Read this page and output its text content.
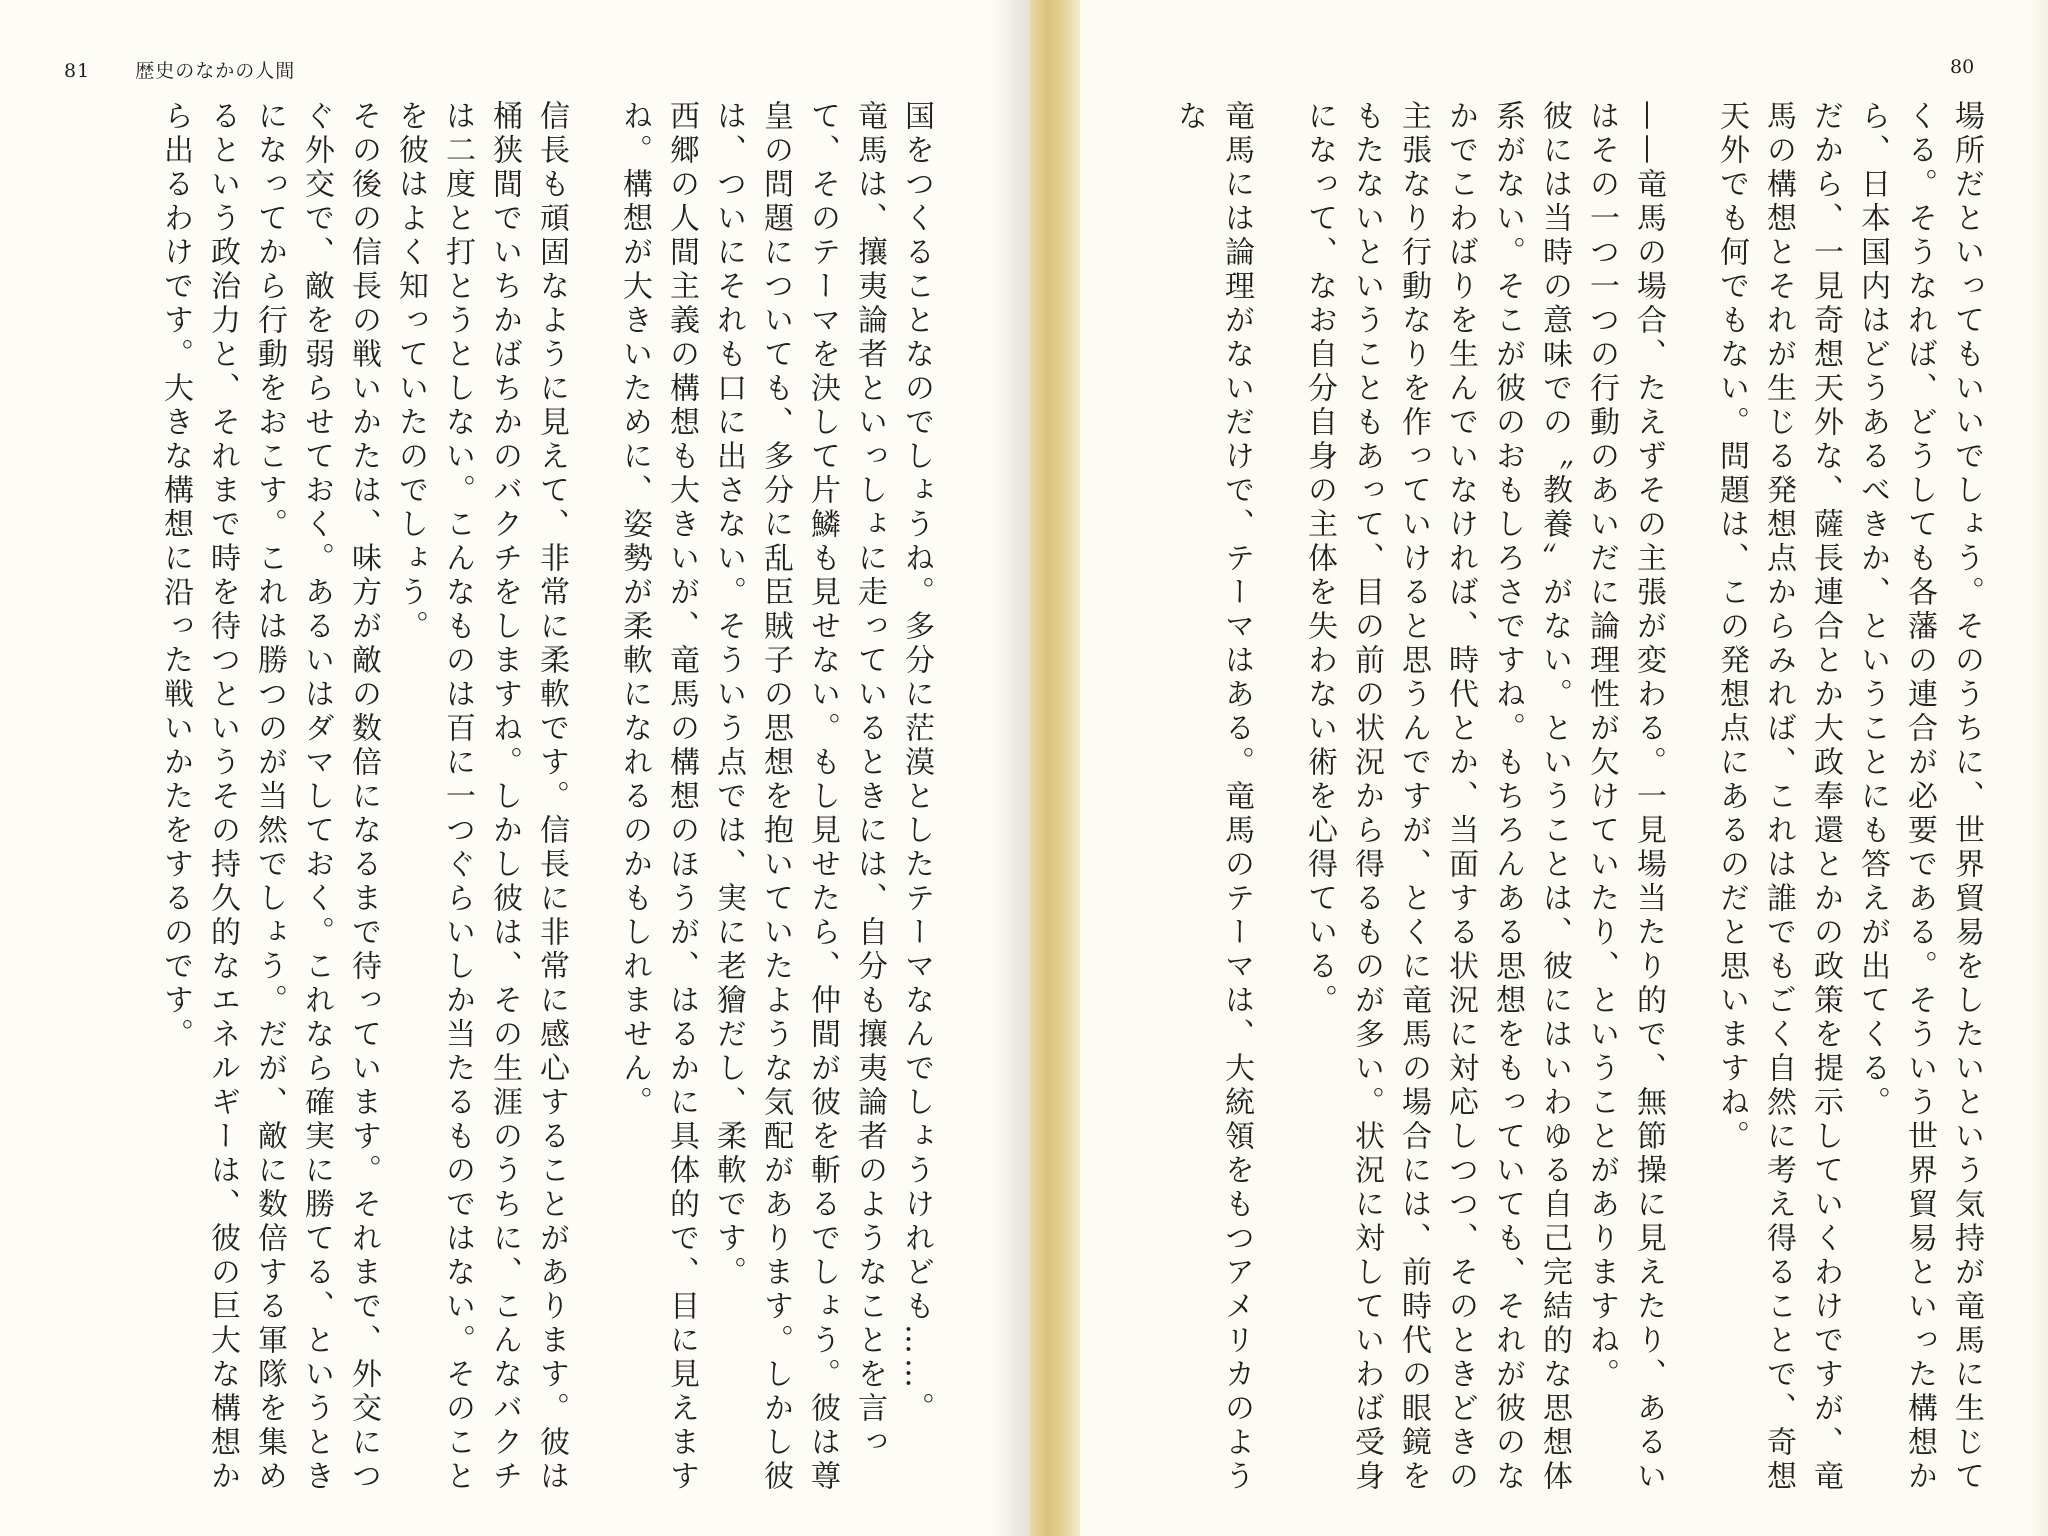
81 歴史のなかの人間	80

場所だといってもいいでしょう。そのうちに、世界貿易をしたいという気持が竜馬に生じてくる。そうなれば、どうしても各藩の連合が必要である。そういう世界貿易といった構想から、日本国内はどうあるべきか、ということにも答えが出てくる。

だから、一見奇想天外な、薩長連合とか大政奉還とかの政策を提示していくわけですが、竜馬の構想とそれが生じる発想点からみれば、これは誰でもごく自然に考え得ることで、奇想天外でも何でもない。問題は、この発想点にあるのだと思いますね。

——竜馬の場合、たえずその主張が変わる。一見場当たり的で、無節操に見えたり、あるいはその一つ一つの行動のあいだに論理性が欠けていたり、ということがありますね。

彼には当時の意味での〝教養〟がない。ということは、彼にはいわゆる自己完結的な思想体系がない。そこが彼のおもしろさですね。もちろんある思想をもっていても、それが彼のなかでこわばりを生んでいなければ、時代とか、当面する状況に対応しつつ、そのときどきの主張なり行動なりを作っていけると思うんですが、とくに竜馬の場合には、前時代の眼鏡をもたないということもあって、目の前の状況から得るものが多い。状況に対していわば受身になって、なお自分自身の主体を失わない術を心得ている。

竜馬には論理がないだけで、テーマはある。竜馬のテーマは、大統領をもつアメリカのような

国をつくることなのでしょうね。多分に茫漠としたテーマなんでしょうけれども……。

竜馬は、攘夷論者といっしょに走っているときには、自分も攘夷論者のようなことを言って、そのテーマを決して片鱗も見せない。もし見せたら、仲間が彼を斬るでしょう。彼は尊皇の問題についても、多分に乱臣賊子の思想を抱いていたような気配があります。しかし彼は、ついにそれも口に出さない。そういう点では、実に老獪だし、柔軟です。

西郷の人間主義の構想も大きいが、竜馬の構想のほうが、はるかに具体的で、目に見えますね。構想が大きいために、姿勢が柔軟になれるのかもしれません。

信長も頑固なように見えて、非常に柔軟です。信長に非常に感心することがあります。彼は桶狭間でいちかばちかのバクチをしますね。しかし彼は、その生涯のうちに、こんなバクチは二度と打とうとしない。こんなものは百に一つぐらいしか当たるものではない。そのことを彼はよく知っていたのでしょう。

その後の信長の戦いかたは、味方が敵の数倍になるまで待っています。それまで、外交につぐ外交で、敵を弱らせておく。あるいはダマしておく。これなら確実に勝てる、というときになってから行動をおこす。これは勝つのが当然でしょう。だが、敵に数倍する軍隊を集めるという政治力と、それまで時を待つというその持久的なエネルギーは、彼の巨大な構想から出るわけです。大きな構想に沿った戦いかたをするのです。
